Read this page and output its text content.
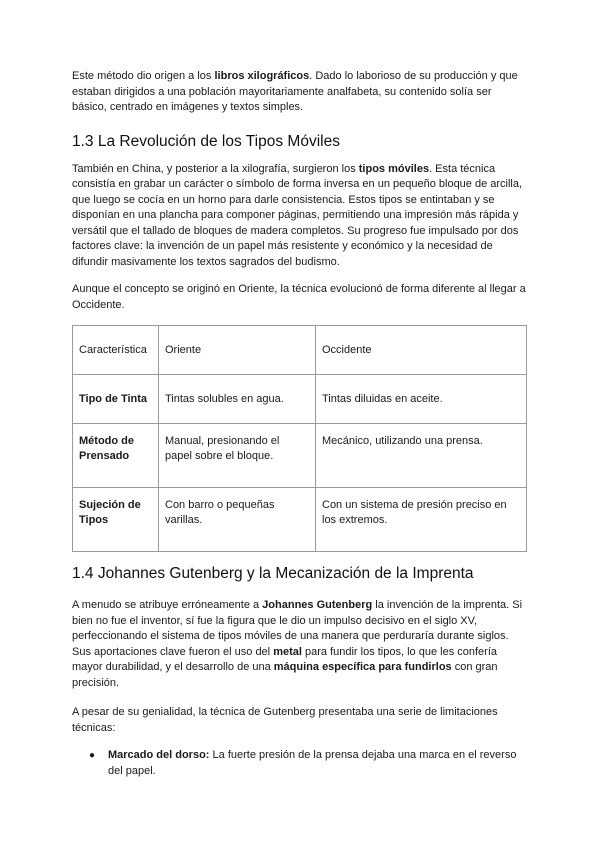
Este método dio origen a los libros xilográficos. Dado lo laborioso de su producción y que estaban dirigidos a una población mayoritariamente analfabeta, su contenido solía ser básico, centrado en imágenes y textos simples.

1.3 La Revolución de los Tipos Móviles

También en China, y posterior a la xilografía, surgieron los tipos móviles. Esta técnica consistía en grabar un carácter o símbolo de forma inversa en un pequeño bloque de arcilla, que luego se cocía en un horno para darle consistencia. Estos tipos se entintaban y se disponían en una plancha para componer páginas, permitiendo una impresión más rápida y versátil que el tallado de bloques de madera completos. Su progreso fue impulsado por dos factores clave: la invención de un papel más resistente y económico y la necesidad de difundir masivamente los textos sagrados del budismo.

Aunque el concepto se originó en Oriente, la técnica evolucionó de forma diferente al llegar a Occidente.

Característica	Oriente	Occidente
Tipo de Tinta	Tintas solubles en agua.	Tintas diluidas en aceite.
Método de Prensado	Manual, presionando el papel sobre el bloque.	Mecánico, utilizando una prensa.
Sujeción de Tipos	Con barro o pequeñas varillas.	Con un sistema de presión preciso en los extremos.
1.4 Johannes Gutenberg y la Mecanización de la Imprenta

A menudo se atribuye erróneamente a Johannes Gutenberg la invención de la imprenta. Si bien no fue el inventor, sí fue la figura que le dio un impulso decisivo en el siglo XV, perfeccionando el sistema de tipos móviles de una manera que perduraría durante siglos. Sus aportaciones clave fueron el uso del metal para fundir los tipos, lo que les confería mayor durabilidad, y el desarrollo de una máquina específica para fundirlos con gran precisión.

A pesar de su genialidad, la técnica de Gutenberg presentaba una serie de limitaciones técnicas:

● Marcado del dorso: La fuerte presión de la prensa dejaba una marca en el reverso del papel.
